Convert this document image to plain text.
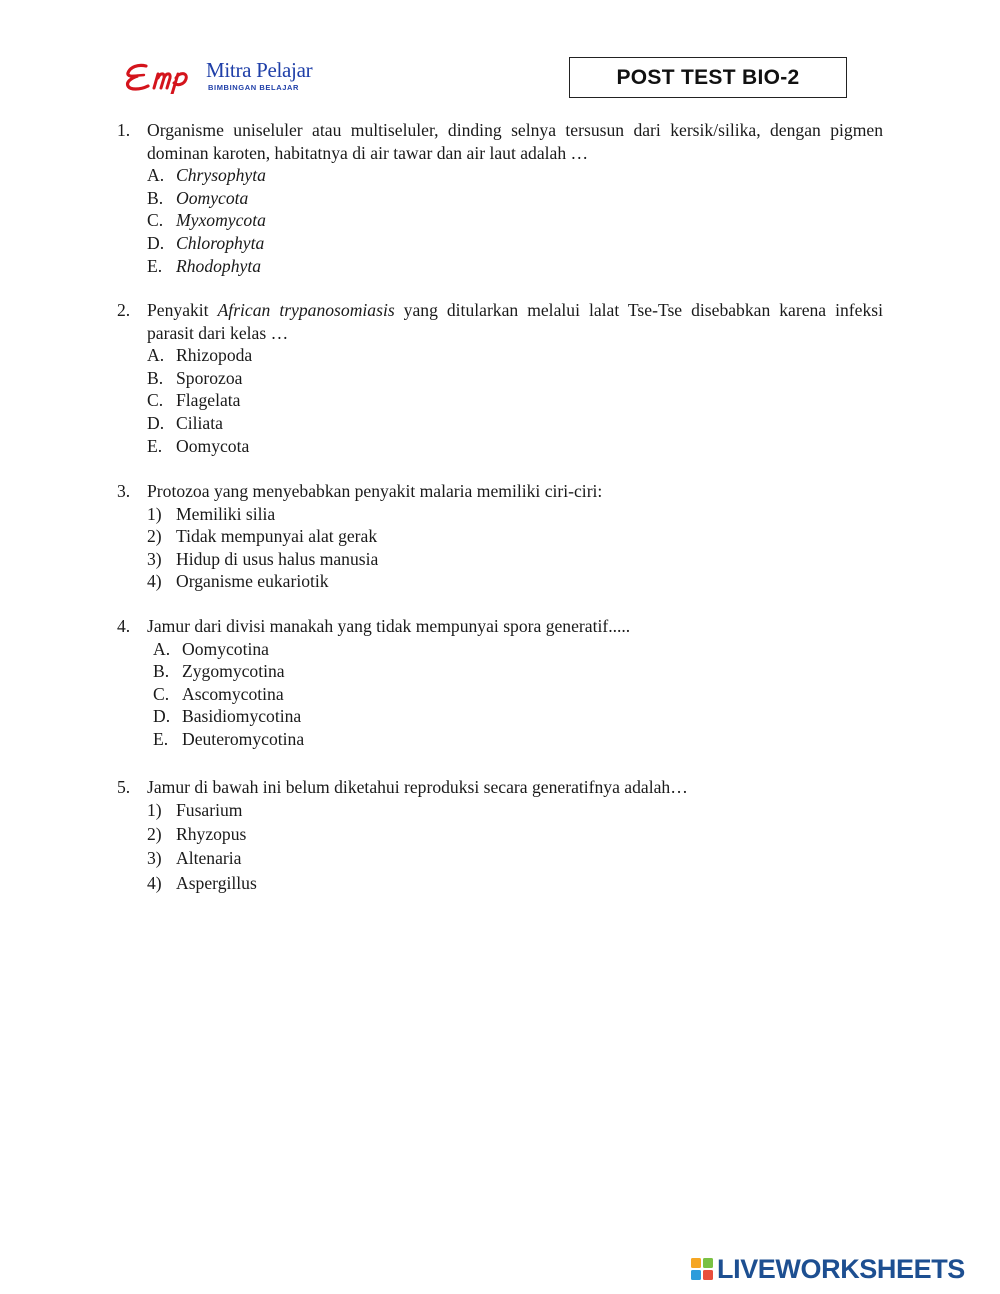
Mitra Pelajar
BIMBINGAN BELAJAR	POST TEST BIO-2
1. Organisme uniseluler atau multiseluler, dinding selnya tersusun dari kersik/silika, dengan pigmen dominan karoten, habitatnya di air tawar dan air laut adalah …
A. Chrysophyta
B. Oomycota
C. Myxomycota
D. Chlorophyta
E. Rhodophyta
2. Penyakit African trypanosomiasis yang ditularkan melalui lalat Tse-Tse disebabkan karena infeksi parasit dari kelas …
A. Rhizopoda
B. Sporozoa
C. Flagelata
D. Ciliata
E. Oomycota
3. Protozoa yang menyebabkan penyakit malaria memiliki ciri-ciri:
1) Memiliki silia
2) Tidak mempunyai alat gerak
3) Hidup di usus halus manusia
4) Organisme eukariotik
4. Jamur dari divisi manakah yang tidak mempunyai spora generatif.....
A. Oomycotina
B. Zygomycotina
C. Ascomycotina
D. Basidiomycotina
E. Deuteromycotina
5. Jamur di bawah ini belum diketahui reproduksi secara generatifnya adalah…
1) Fusarium
2) Rhyzopus
3) Altenaria
4) Aspergillus
LIVEWORKSHEETS
